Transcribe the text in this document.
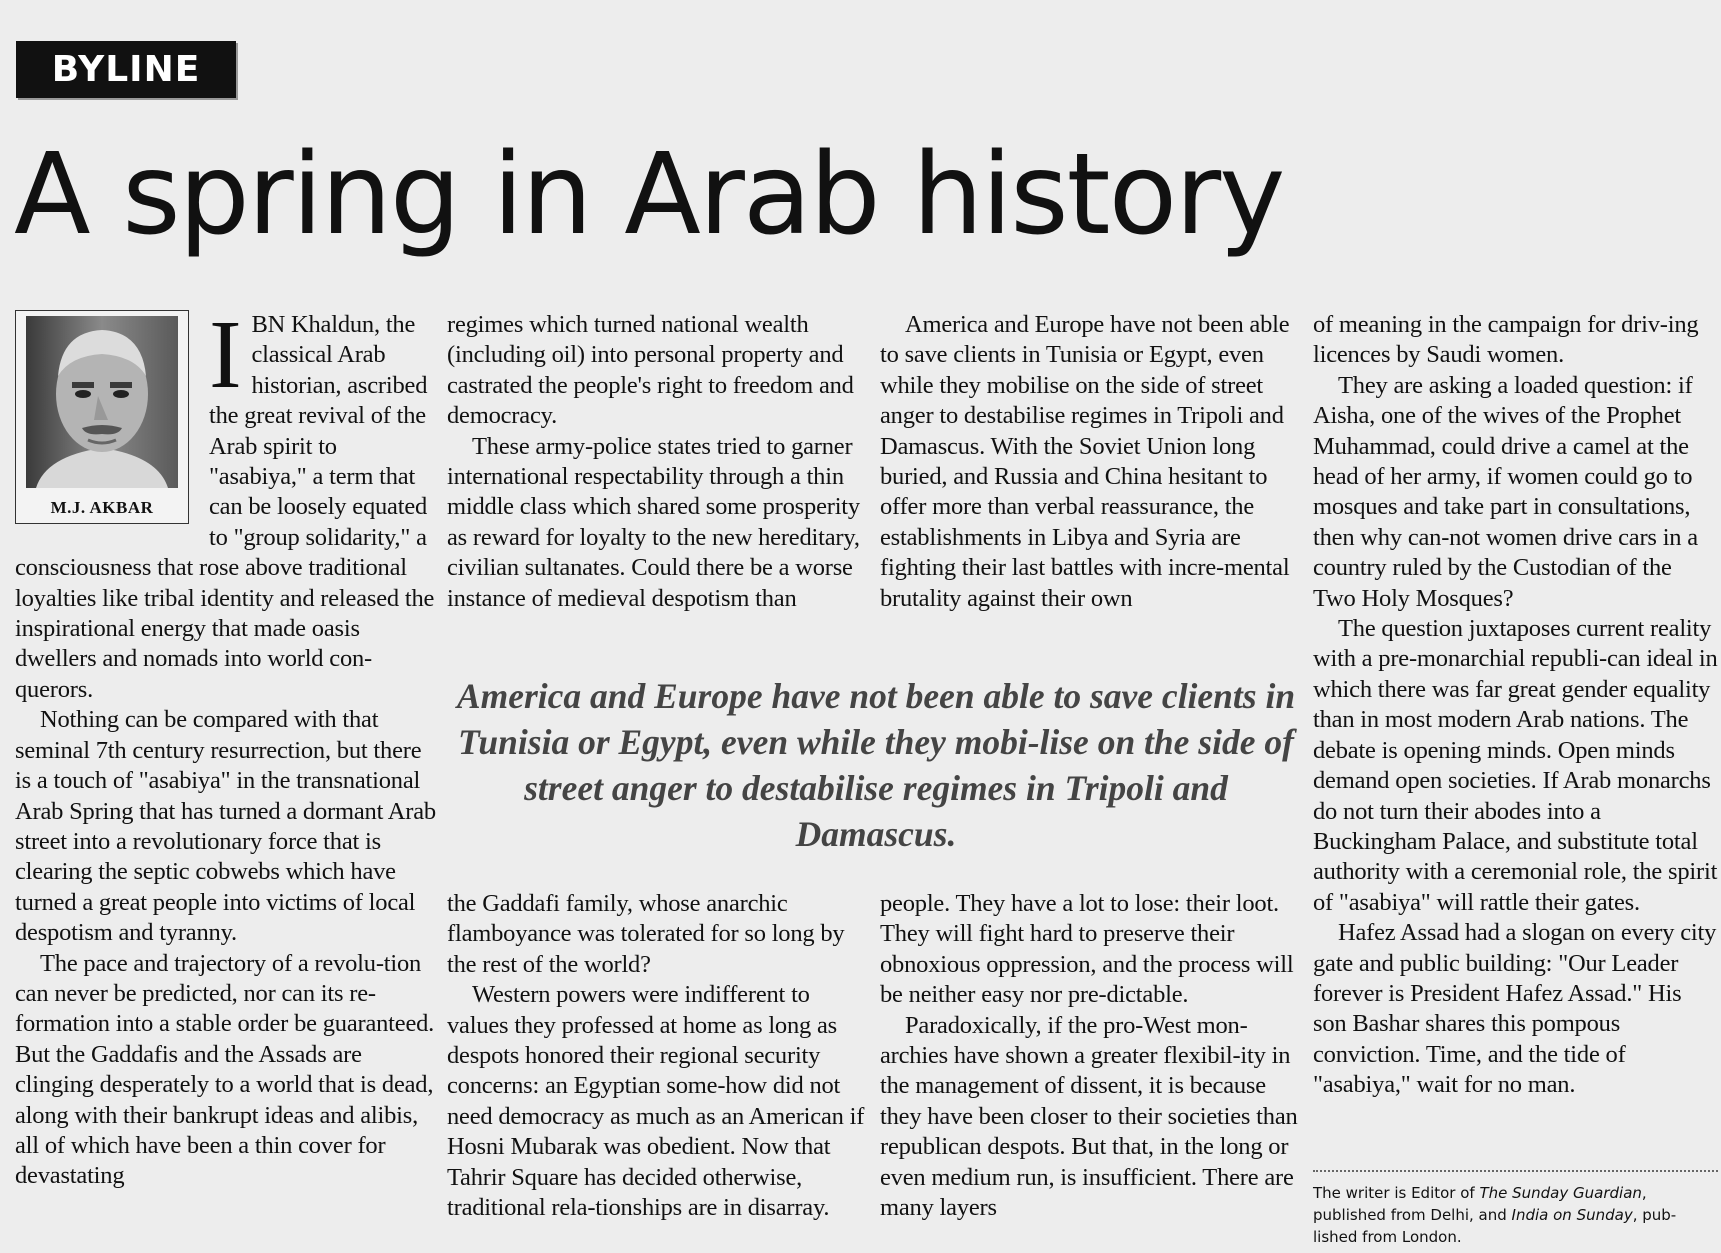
BYLINE
A spring in Arab history
M.J. AKBAR

IBN Khaldun, the classical Arab historian, ascribed the great revival of the Arab spirit to "asabiya," a term that can be loosely equated to "group solidarity," a consciousness that rose above traditional loyalties like tribal identity and released the inspirational energy that made oasis dwellers and nomads into world con-querors.

Nothing can be compared with that seminal 7th century resurrection, but there is a touch of "asabiya" in the transnational Arab Spring that has turned a dormant Arab street into a revolutionary force that is clearing the septic cobwebs which have turned a great people into victims of local despotism and tyranny.

The pace and trajectory of a revolu-tion can never be predicted, nor can its re-formation into a stable order be guaranteed. But the Gaddafis and the Assads are clinging desperately to a world that is dead, along with their bankrupt ideas and alibis, all of which have been a thin cover for devastating

regimes which turned national wealth (including oil) into personal property and castrated the people's right to freedom and democracy.

These army-police states tried to garner international respectability through a thin middle class which shared some prosperity as reward for loyalty to the new hereditary, civilian sultanates. Could there be a worse instance of medieval despotism than

America and Europe have not been able to save clients in Tunisia or Egypt, even while they mobilise on the side of street anger to destabilise regimes in Tripoli and Damascus. With the Soviet Union long buried, and Russia and China hesitant to offer more than verbal reassurance, the establishments in Libya and Syria are fighting their last battles with incre-mental brutality against their own

America and Europe have not been able to save clients in Tunisia or Egypt, even while they mobi-lise on the side of street anger to destabilise regimes in Tripoli and Damascus.

the Gaddafi family, whose anarchic flamboyance was tolerated for so long by the rest of the world?

Western powers were indifferent to values they professed at home as long as despots honored their regional security concerns: an Egyptian some-how did not need democracy as much as an American if Hosni Mubarak was obedient. Now that Tahrir Square has decided otherwise, traditional rela-tionships are in disarray.

people. They have a lot to lose: their loot. They will fight hard to preserve their obnoxious oppression, and the process will be neither easy nor pre-dictable.

Paradoxically, if the pro-West mon-archies have shown a greater flexibil-ity in the management of dissent, it is because they have been closer to their societies than republican despots. But that, in the long or even medium run, is insufficient. There are many layers

of meaning in the campaign for driv-ing licences by Saudi women.

They are asking a loaded question: if Aisha, one of the wives of the Prophet Muhammad, could drive a camel at the head of her army, if women could go to mosques and take part in consultations, then why can-not women drive cars in a country ruled by the Custodian of the Two Holy Mosques?

The question juxtaposes current reality with a pre-monarchial republi-can ideal in which there was far great gender equality than in most modern Arab nations. The debate is opening minds. Open minds demand open societies. If Arab monarchs do not turn their abodes into a Buckingham Palace, and substitute total authority with a ceremonial role, the spirit of "asabiya" will rattle their gates.

Hafez Assad had a slogan on every city gate and public building: "Our Leader forever is President Hafez Assad." His son Bashar shares this pompous conviction. Time, and the tide of "asabiya," wait for no man.

The writer is Editor of The Sunday Guardian, published from Delhi, and India on Sunday, pub-lished from London.
